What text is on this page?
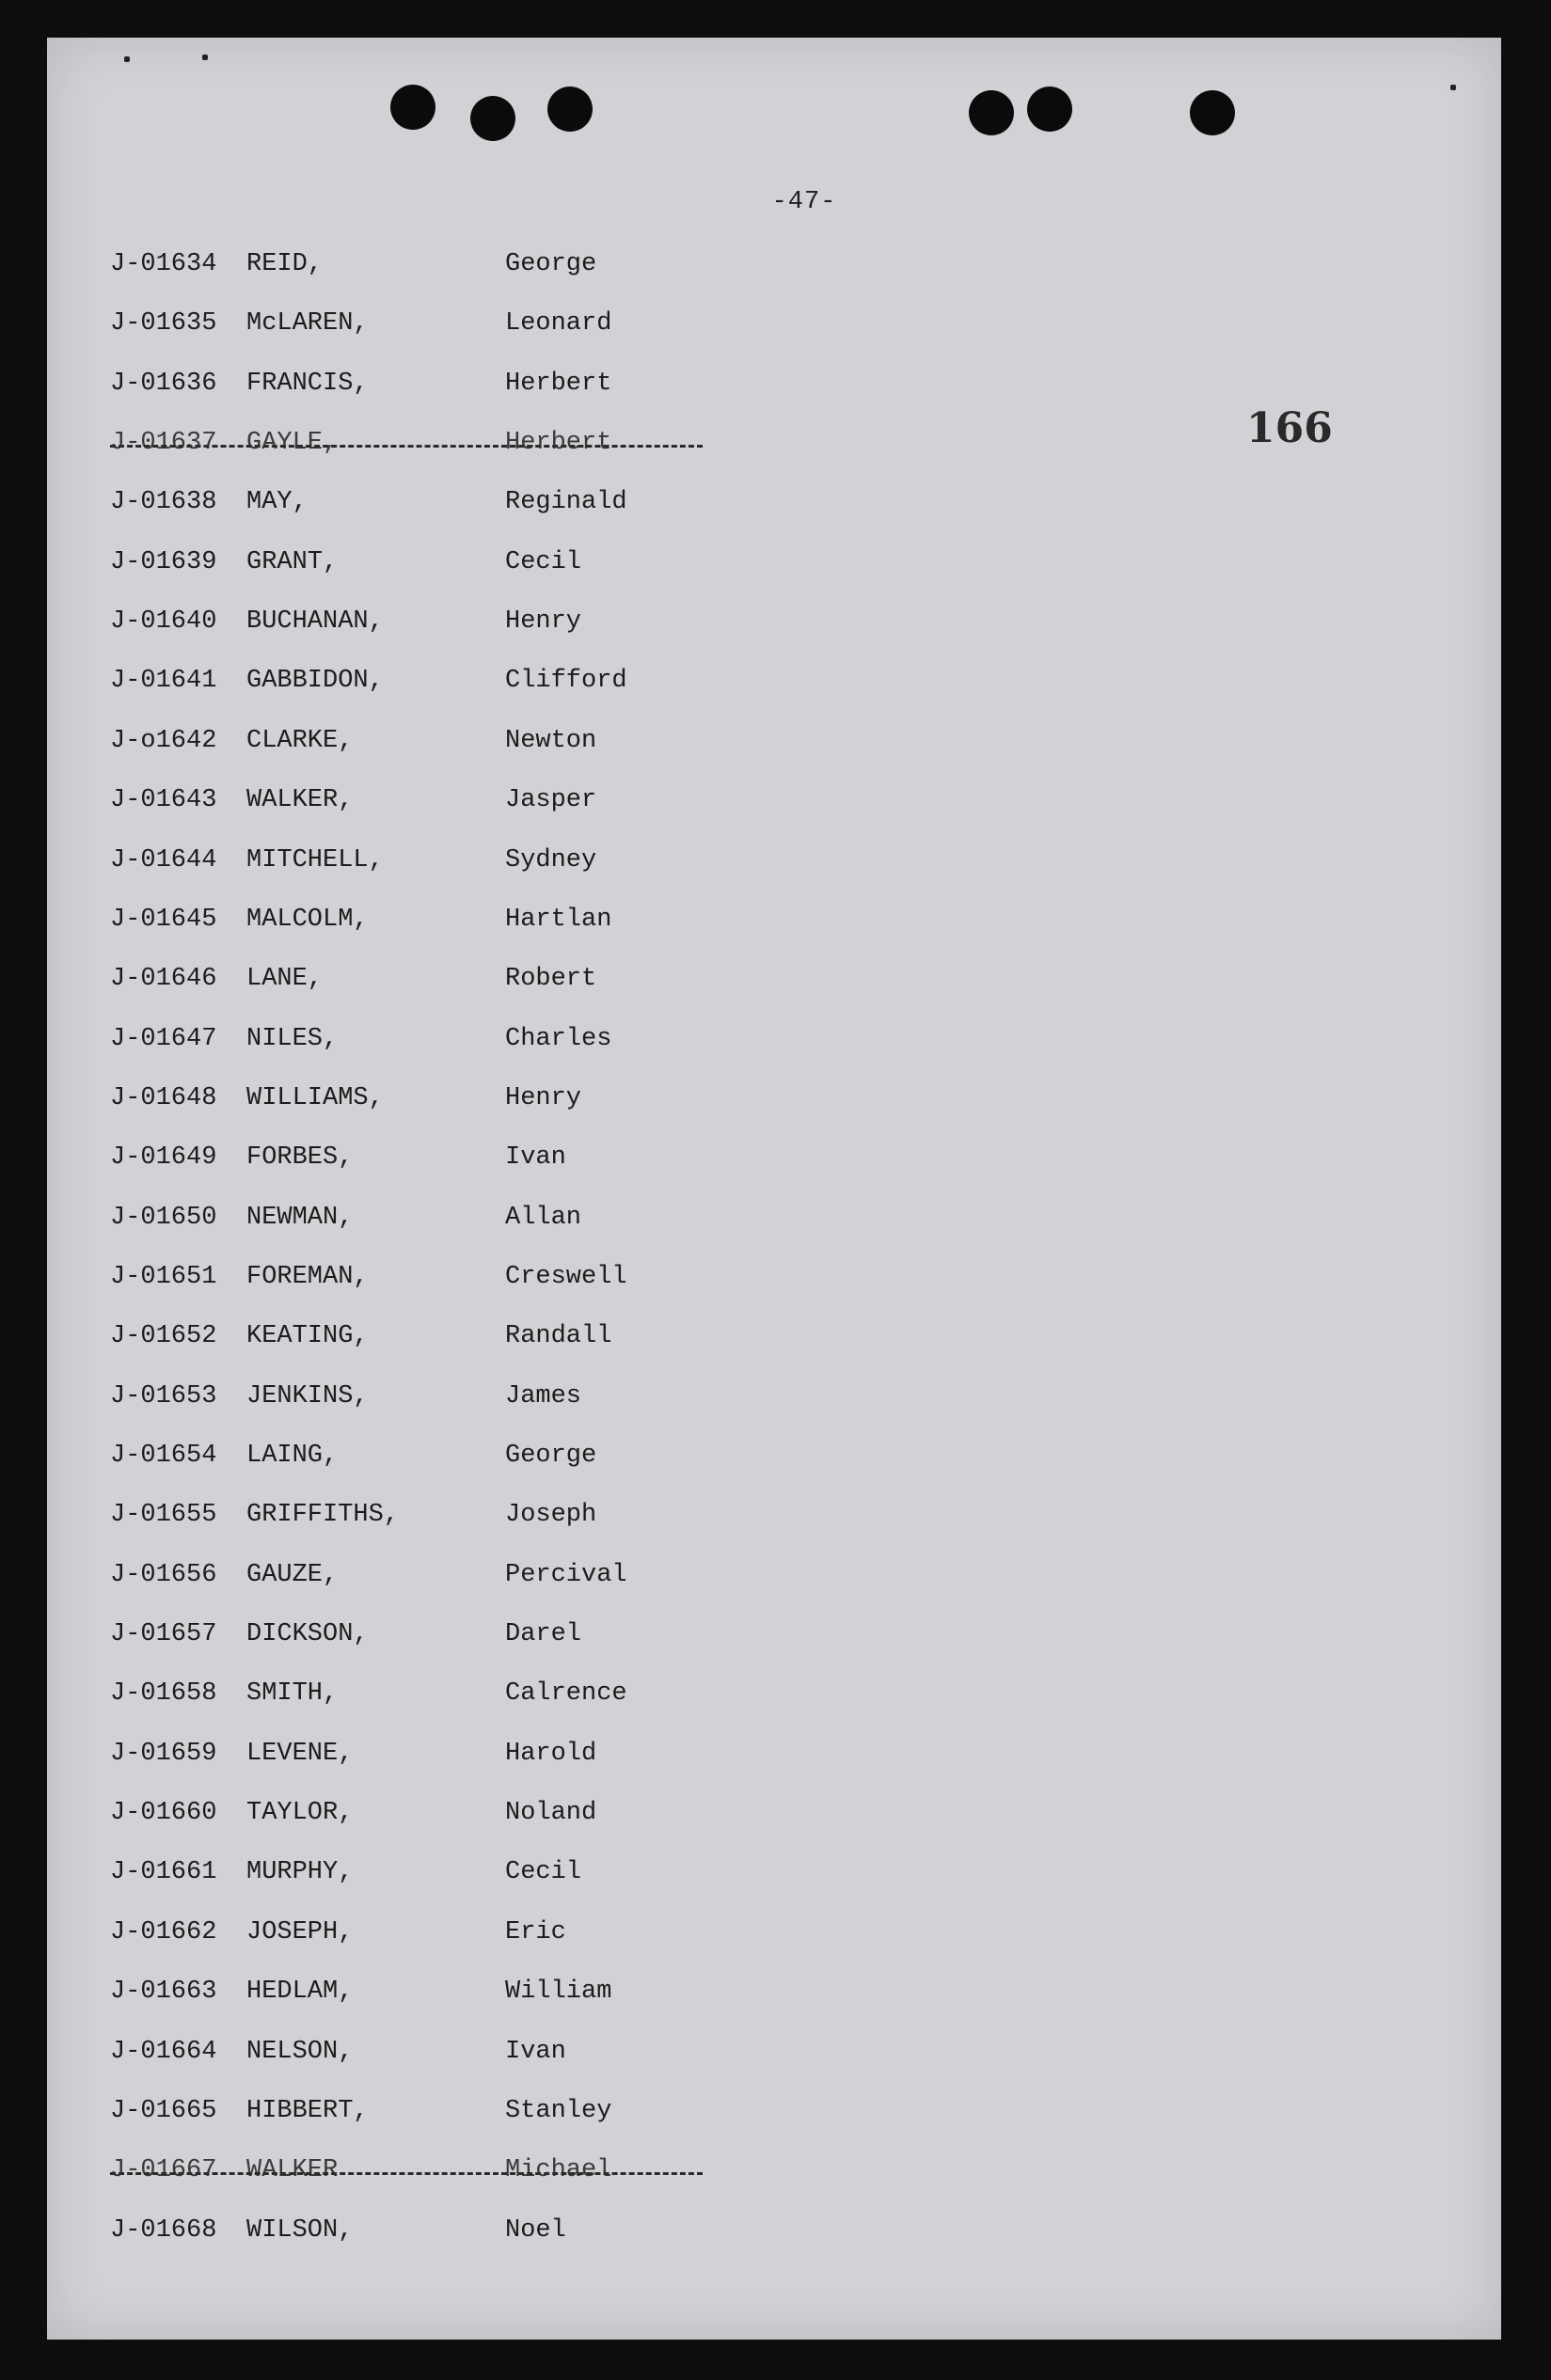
-47-
166
J-01634 REID,	George
J-01635 McLAREN,	Leonard
J-01636 FRANCIS,	Herbert
J-01637 GAYLE,	Herbert
J-01638 MAY,	Reginald
J-01639 GRANT,	Cecil
J-01640 BUCHANAN,	Henry
J-01641 GABBIDON,	Clifford
J-o1642 CLARKE,	Newton
J-01643 WALKER,	Jasper
J-01644 MITCHELL,	Sydney
J-01645 MALCOLM,	Hartlan
J-01646 LANE,	Robert
J-01647 NILES,	Charles
J-01648 WILLIAMS,	Henry
J-01649 FORBES,	Ivan
J-01650 NEWMAN,	Allan
J-01651 FOREMAN,	Creswell
J-01652 KEATING,	Randall
J-01653 JENKINS,	James
J-01654 LAING,	George
J-01655 GRIFFITHS,	Joseph
J-01656 GAUZE,	Percival
J-01657 DICKSON,	Darel
J-01658 SMITH,	Calrence
J-01659 LEVENE,	Harold
J-01660 TAYLOR,	Noland
J-01661 MURPHY,	Cecil
J-01662 JOSEPH,	Eric
J-01663 HEDLAM,	William
J-01664 NELSON,	Ivan
J-01665 HIBBERT,	Stanley
J-01667 WALKER	Michael
J-01668 WILSON,	Noel
